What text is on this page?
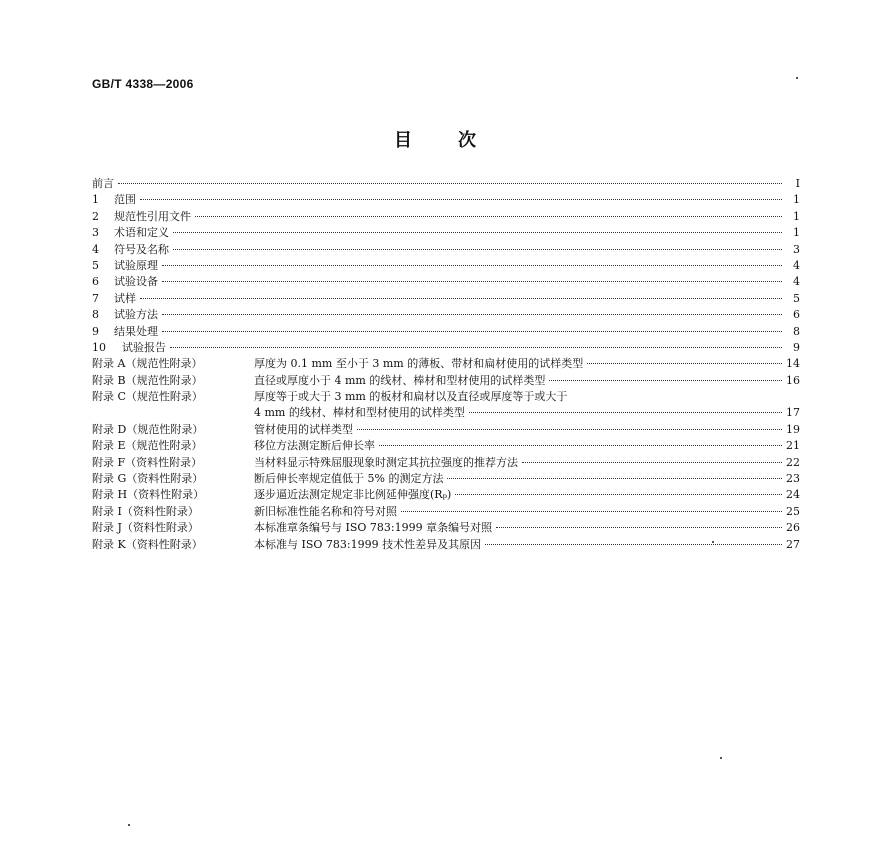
GB/T 4338—2006
目次
前言	I
1	范围	1
2	规范性引用文件	1
3	术语和定义	1
4	符号及名称	3
5	试验原理	4
6	试验设备	4
7	试样	5
8	试验方法	6
9	结果处理	8
10	试验报告	9
附录 A（规范性附录）	厚度为 0.1 mm 至小于 3 mm 的薄板、带材和扁材使用的试样类型	14
附录 B（规范性附录）	直径或厚度小于 4 mm 的线材、棒材和型材使用的试样类型	16
附录 C（规范性附录）	厚度等于或大于 3 mm 的板材和扁材以及直径或厚度等于或大于
4 mm 的线材、棒材和型材使用的试样类型	17
附录 D（规范性附录）	管材使用的试样类型	19
附录 E（规范性附录）	移位方法测定断后伸长率	21
附录 F（资料性附录）	当材料显示特殊屈服现象时测定其抗拉强度的推荐方法	22
附录 G（资料性附录）	断后伸长率规定值低于 5% 的测定方法	23
附录 H（资料性附录）	逐步逼近法测定规定非比例延伸强度(Rₚ)	24
附录 I（资料性附录）	新旧标准性能名称和符号对照	25
附录 J（资料性附录）	本标准章条编号与 ISO 783:1999 章条编号对照	26
附录 K（资料性附录）	本标准与 ISO 783:1999 技术性差异及其原因	27
